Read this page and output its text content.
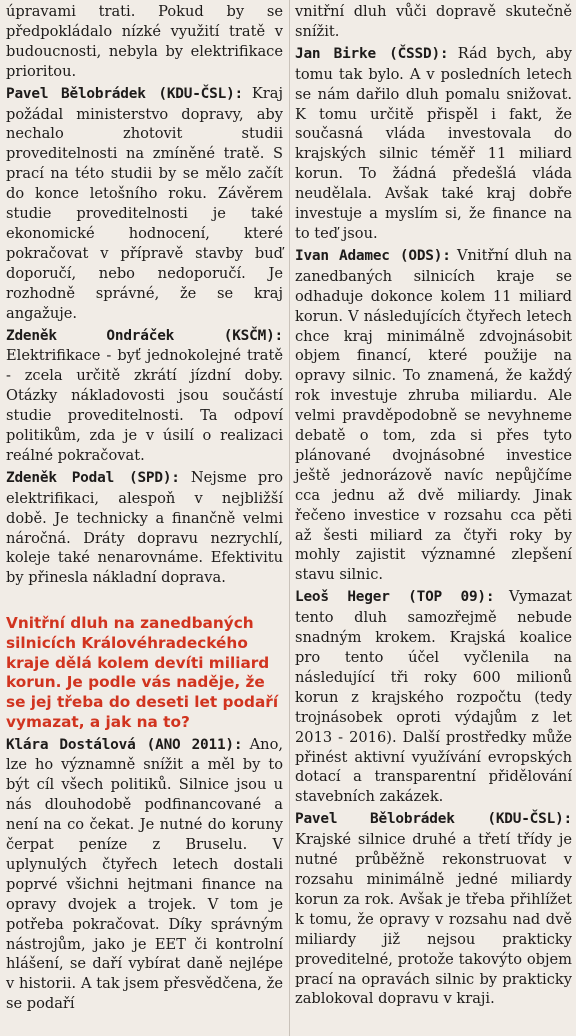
úpravami trati. Pokud by se předpokládalo nízké využití tratě v budoucnosti, nebyla by elektrifikace prioritou.

Pavel Bělobrádek (KDU-ČSL): Kraj požádal ministerstvo dopravy, aby nechalo zhotovit studii proveditelnosti na zmíněné tratě. S prací na této studii by se mělo začít do konce letošního roku. Závěrem studie proveditelnosti je také ekonomické hodnocení, které pokračovat v přípravě stavby buď doporučí, nebo nedoporučí. Je rozhodně správné, že se kraj angažuje.

Zdeněk Ondráček (KSČM): Elektrifikace - byť jednokolejné tratě - zcela určitě zkrátí jízdní doby. Otázky nákladovosti jsou součástí studie proveditelnosti. Ta odpoví politikům, zda je v úsilí o realizaci reálné pokračovat.

Zdeněk Podal (SPD): Nejsme pro elektrifikaci, alespoň v nejbližší době. Je technicky a finančně velmi náročná. Dráty dopravu nezrychlí, koleje také nenarovnáme. Efektivitu by přinesla nákladní doprava.

Vnitřní dluh na zanedbaných silnicích Královéhradeckého kraje dělá kolem devíti miliard korun. Je podle vás naděje, že se jej třeba do deseti let podaří vymazat, a jak na to?

Klára Dostálová (ANO 2011): Ano, lze ho významně snížit a měl by to být cíl všech politiků. Silnice jsou u nás dlouhodobě podfinancované a není na co čekat. Je nutné do koruny čerpat peníze z Bruselu. V uplynulých čtyřech letech dostali poprvé všichni hejtmani finance na opravy dvojek a trojek. V tom je potřeba pokračovat. Díky správným nástrojům, jako je EET či kontrolní hlášení, se daří vybírat daně nejlépe v historii. A tak jsem přesvědčena, že se podaří

vnitřní dluh vůči dopravě skutečně snížit.

Jan Birke (ČSSD): Rád bych, aby tomu tak bylo. A v posledních letech se nám dařilo dluh pomalu snižovat. K tomu určitě přispěl i fakt, že současná vláda investovala do krajských silnic téměř 11 miliard korun. To žádná předešlá vláda neudělala. Avšak také kraj dobře investuje a myslím si, že finance na to teď jsou.

Ivan Adamec (ODS): Vnitřní dluh na zanedbaných silnicích kraje se odhaduje dokonce kolem 11 miliard korun. V následujících čtyřech letech chce kraj minimálně zdvojnásobit objem financí, které použije na opravy silnic. To znamená, že každý rok investuje zhruba miliardu. Ale velmi pravděpodobně se nevyhneme debatě o tom, zda si přes tyto plánované dvojnásobné investice ještě jednorázově navíc nepůjčíme cca jednu až dvě miliardy. Jinak řečeno investice v rozsahu cca pěti až šesti miliard za čtyři roky by mohly zajistit významné zlepšení stavu silnic.

Leoš Heger (TOP 09): Vymazat tento dluh samozřejmě nebude snadným krokem. Krajská koalice pro tento účel vyčlenila na následující tři roky 600 milionů korun z krajského rozpočtu (tedy trojnásobek oproti výdajům z let 2013 - 2016). Další prostředky může přinést aktivní využívání evropských dotací a transparentní přidělování stavebních zakázek.

Pavel Bělobrádek (KDU-ČSL): Krajské silnice druhé a třetí třídy je nutné průběžně rekonstruovat v rozsahu minimálně jedné miliardy korun za rok. Avšak je třeba přihlížet k tomu, že opravy v rozsahu nad dvě miliardy již nejsou prakticky proveditelné, protože takovýto objem prací na opravách silnic by prakticky zablokoval dopravu v kraji.
